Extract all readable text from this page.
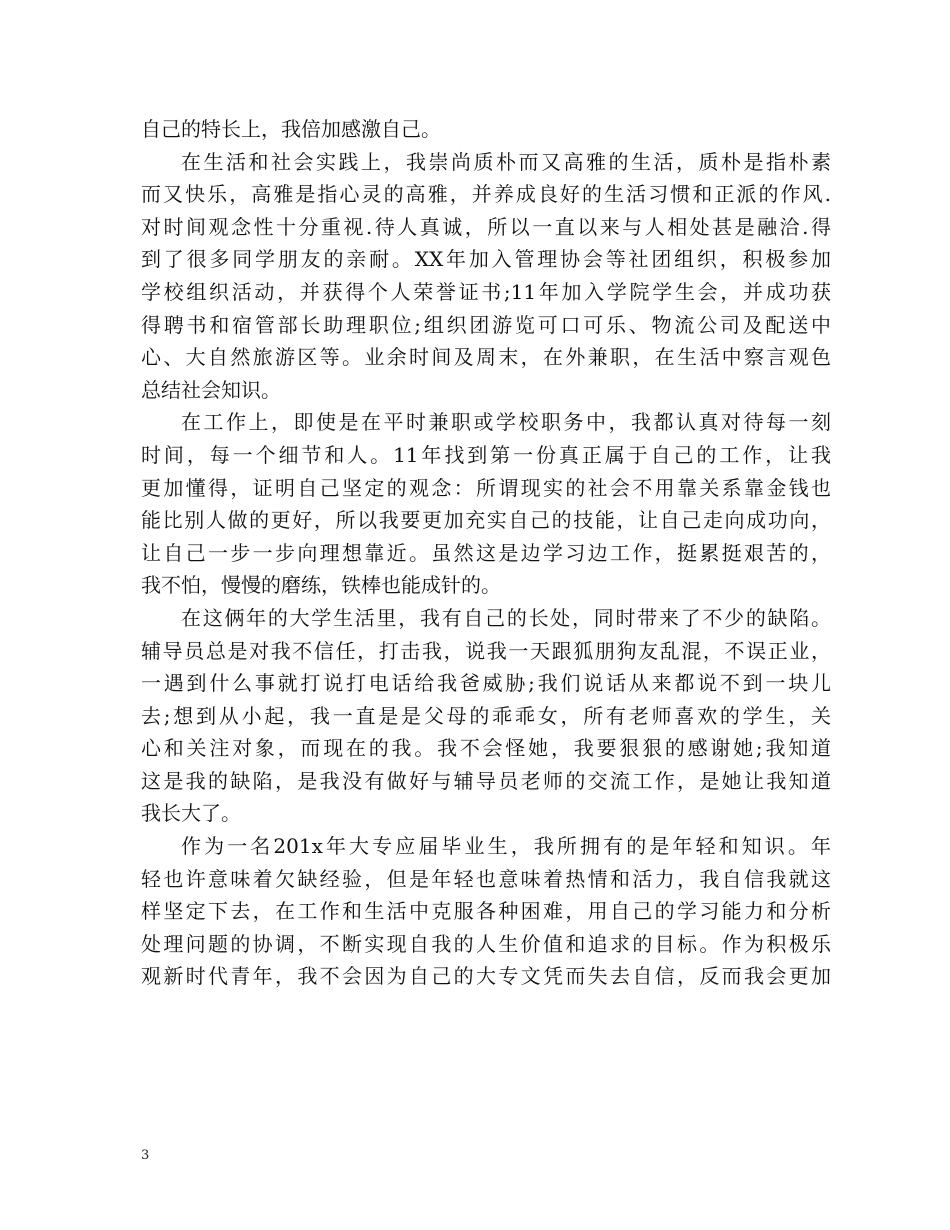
自己的特长上，我倍加感激自己。
在生活和社会实践上，我崇尚质朴而又高雅的生活，质朴是指朴素
而又快乐，高雅是指心灵的高雅，并养成良好的生活习惯和正派的作风.
对时间观念性十分重视.待人真诚，所以一直以来与人相处甚是融洽.得
到了很多同学朋友的亲耐。XX年加入管理协会等社团组织，积极参加
学校组织活动，并获得个人荣誉证书;11年加入学院学生会，并成功获
得聘书和宿管部长助理职位;组织团游览可口可乐、物流公司及配送中
心、大自然旅游区等。业余时间及周末，在外兼职，在生活中察言观色
总结社会知识。
在工作上，即使是在平时兼职或学校职务中，我都认真对待每一刻
时间，每一个细节和人。11年找到第一份真正属于自己的工作，让我
更加懂得，证明自己坚定的观念：所谓现实的社会不用靠关系靠金钱也
能比别人做的更好，所以我要更加充实自己的技能，让自己走向成功向，
让自己一步一步向理想靠近。虽然这是边学习边工作，挺累挺艰苦的，
我不怕，慢慢的磨练，铁棒也能成针的。
在这俩年的大学生活里，我有自己的长处，同时带来了不少的缺陷。
辅导员总是对我不信任，打击我，说我一天跟狐朋狗友乱混，不误正业，
一遇到什么事就打说打电话给我爸威胁;我们说话从来都说不到一块儿
去;想到从小起，我一直是是父母的乖乖女，所有老师喜欢的学生，关
心和关注对象，而现在的我。我不会怪她，我要狠狠的感谢她;我知道
这是我的缺陷，是我没有做好与辅导员老师的交流工作，是她让我知道
我长大了。
作为一名201x年大专应届毕业生，我所拥有的是年轻和知识。年
轻也许意味着欠缺经验，但是年轻也意味着热情和活力，我自信我就这
样坚定下去，在工作和生活中克服各种困难，用自己的学习能力和分析
处理问题的协调，不断实现自我的人生价值和追求的目标。作为积极乐
观新时代青年，我不会因为自己的大专文凭而失去自信，反而我会更加
3
